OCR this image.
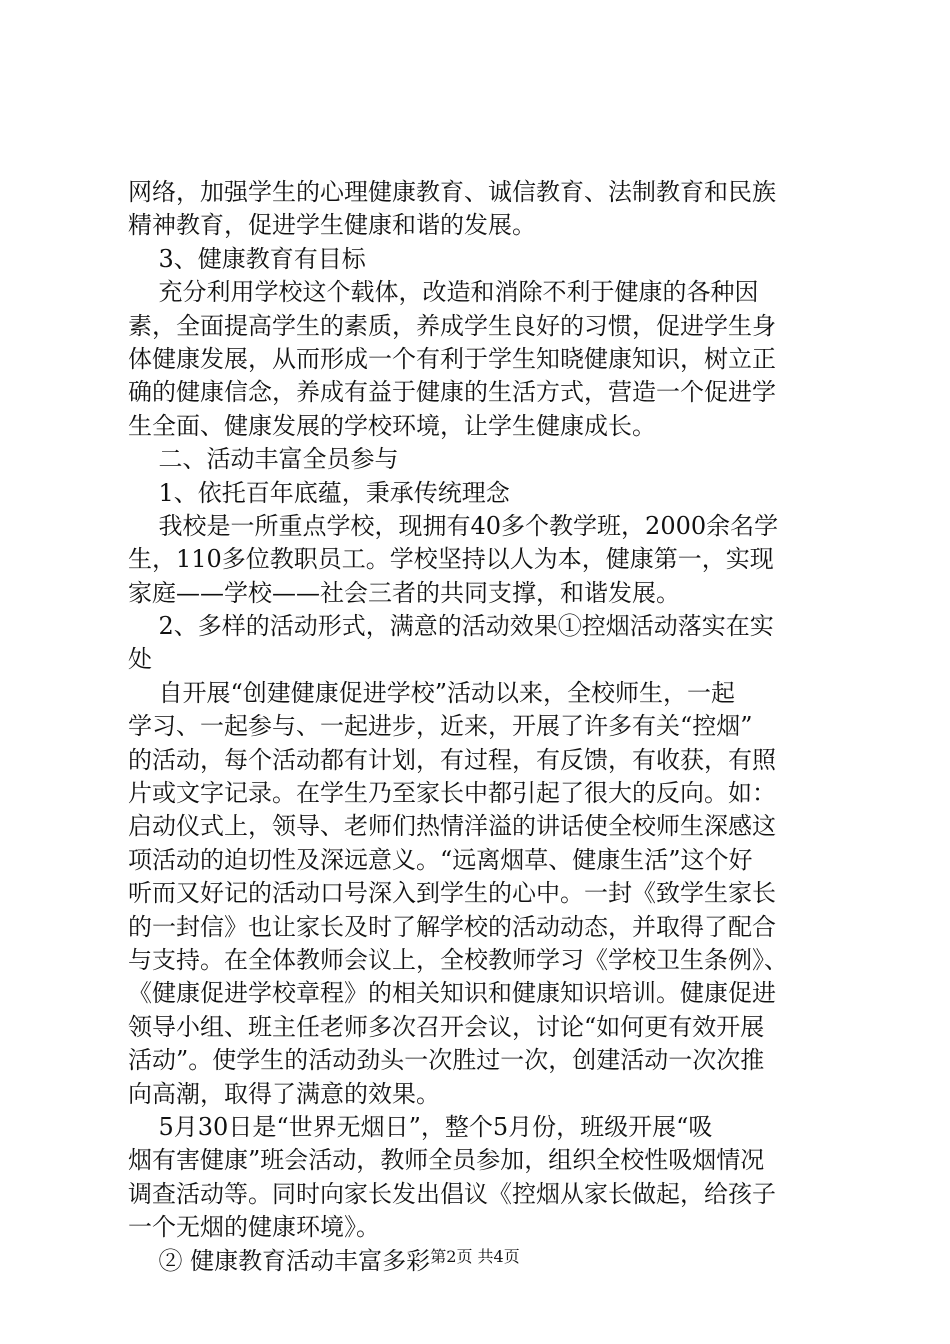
网络，加强学生的心理健康教育、诚信教育、法制教育和民族
精神教育，促进学生健康和谐的发展。
3、健康教育有目标
充分利用学校这个载体，改造和消除不利于健康的各种因
素，全面提高学生的素质，养成学生良好的习惯，促进学生身
体健康发展，从而形成一个有利于学生知晓健康知识，树立正
确的健康信念，养成有益于健康的生活方式，营造一个促进学
生全面、健康发展的学校环境，让学生健康成长。
二、活动丰富全员参与
1、依托百年底蕴，秉承传统理念
我校是一所重点学校，现拥有40多个教学班，2000余名学
生，110多位教职员工。学校坚持以人为本，健康第一，实现
家庭——学校——社会三者的共同支撑，和谐发展。
2、多样的活动形式，满意的活动效果①控烟活动落实在实
处
自开展“创建健康促进学校”活动以来，全校师生，一起
学习、一起参与、一起进步，近来，开展了许多有关“控烟”
的活动，每个活动都有计划，有过程，有反馈，有收获，有照
片或文字记录。在学生乃至家长中都引起了很大的反向。如：
启动仪式上，领导、老师们热情洋溢的讲话使全校师生深感这
项活动的迫切性及深远意义。“远离烟草、健康生活”这个好
听而又好记的活动口号深入到学生的心中。一封《致学生家长
的一封信》也让家长及时了解学校的活动动态，并取得了配合
与支持。在全体教师会议上，全校教师学习《学校卫生条例》、
《健康促进学校章程》的相关知识和健康知识培训。健康促进
领导小组、班主任老师多次召开会议，讨论“如何更有效开展
活动”。使学生的活动劲头一次胜过一次，创建活动一次次推
向高潮，取得了满意的效果。
5月30日是“世界无烟日”，整个5月份，班级开展“吸
烟有害健康”班会活动，教师全员参加，组织全校性吸烟情况
调查活动等。同时向家长发出倡议《控烟从家长做起，给孩子
一个无烟的健康环境》。
② 健康教育活动丰富多彩 第2页 共4页
